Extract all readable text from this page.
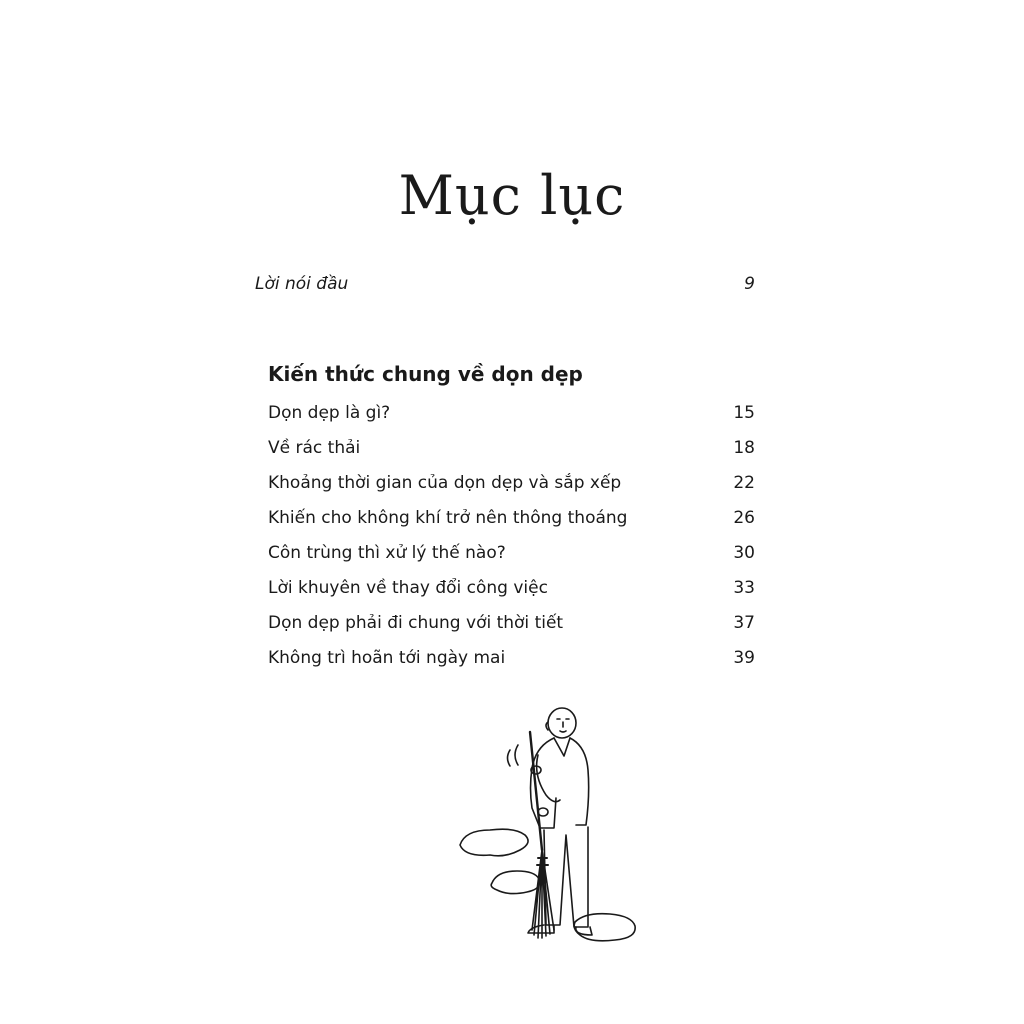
Mục lục
Lời nói đầu	9
Kiến thức chung về dọn dẹp
Dọn dẹp là gì?	15
Về rác thải	18
Khoảng thời gian của dọn dẹp và sắp xếp	22
Khiến cho không khí trở nên thông thoáng	26
Côn trùng thì xử lý thế nào?	30
Lời khuyên về thay đổi công việc	33
Dọn dẹp phải đi chung với thời tiết	37
Không trì hoãn tới ngày mai	39
